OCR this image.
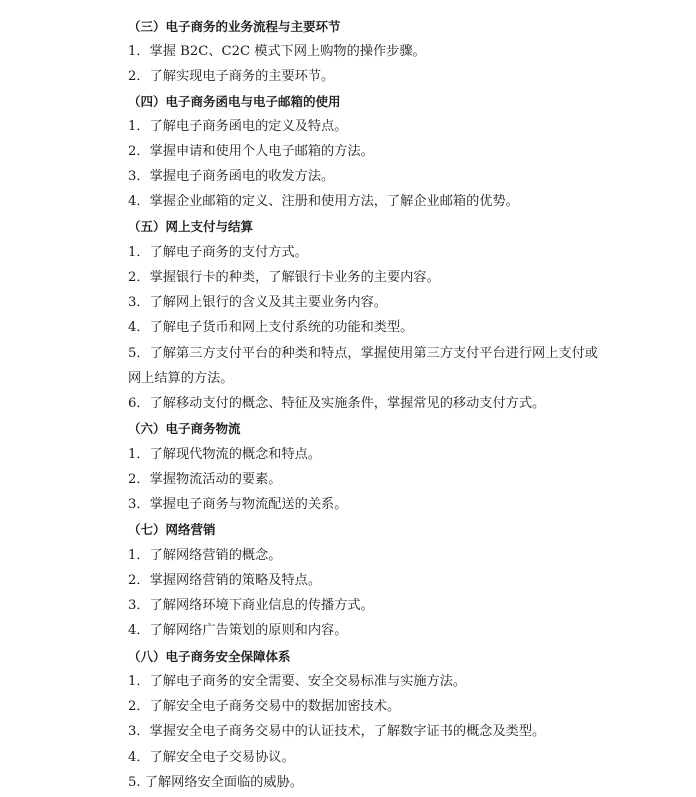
（三）电子商务的业务流程与主要环节
1．掌握 B2C、C2C 模式下网上购物的操作步骤。
2．了解实现电子商务的主要环节。
（四）电子商务函电与电子邮箱的使用
1．了解电子商务函电的定义及特点。
2．掌握申请和使用个人电子邮箱的方法。
3．掌握电子商务函电的收发方法。
4．掌握企业邮箱的定义、注册和使用方法，了解企业邮箱的优势。
（五）网上支付与结算
1．了解电子商务的支付方式。
2．掌握银行卡的种类，了解银行卡业务的主要内容。
3．了解网上银行的含义及其主要业务内容。
4．了解电子货币和网上支付系统的功能和类型。
5．了解第三方支付平台的种类和特点，掌握使用第三方支付平台进行网上支付或
网上结算的方法。
6．了解移动支付的概念、特征及实施条件，掌握常见的移动支付方式。
（六）电子商务物流
1．了解现代物流的概念和特点。
2．掌握物流活动的要素。
3．掌握电子商务与物流配送的关系。
（七）网络营销
1．了解网络营销的概念。
2．掌握网络营销的策略及特点。
3．了解网络环境下商业信息的传播方式。
4．了解网络广告策划的原则和内容。
（八）电子商务安全保障体系
1．了解电子商务的安全需要、安全交易标准与实施方法。
2．了解安全电子商务交易中的数据加密技术。
3．掌握安全电子商务交易中的认证技术，了解数字证书的概念及类型。
4．了解安全电子交易协议。
5. 了解网络安全面临的威胁。
